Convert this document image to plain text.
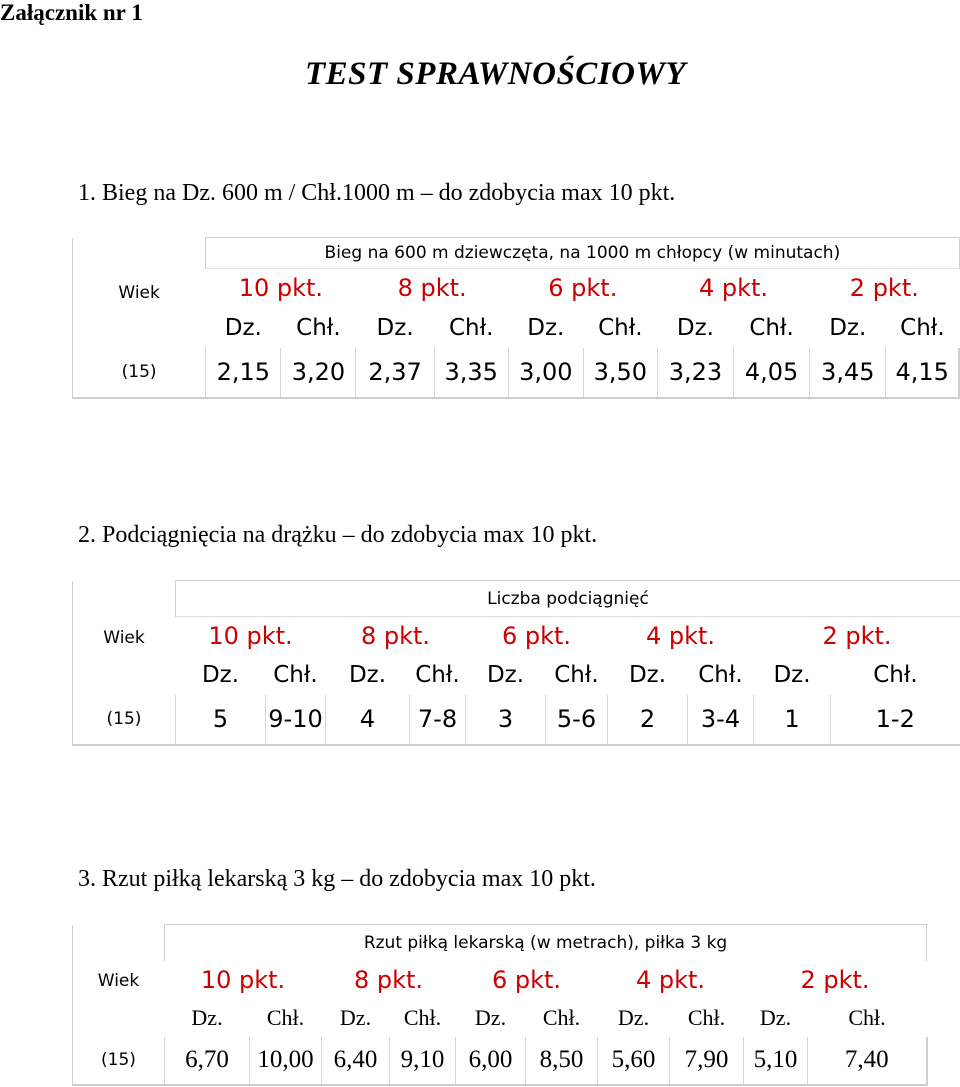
Załącznik nr 1
TEST SPRAWNOŚCIOWY
1. Bieg na Dz. 600 m / Chł.1000 m – do zdobycia max 10 pkt.
Wiek	Bieg na 600 m dziewczęta, na 1000 m chłopcy (w minutach)									
	10 pkt.		8 pkt.		6 pkt.		4 pkt.		2 pkt.	
	Dz.	Chł.	Dz.	Chł.	Dz.	Chł.	Dz.	Chł.	Dz.	Chł.
(15)	2,15	3,20	2,37	3,35	3,00	3,50	3,23	4,05	3,45	4,15
2. Podciągnięcia na drążku – do zdobycia max 10 pkt.
Wiek	Liczba podciągnięć									
	10 pkt.		8 pkt.		6 pkt.		4 pkt.		2 pkt.	
	Dz.	Chł.	Dz.	Chł.	Dz.	Chł.	Dz.	Chł.	Dz.	Chł.
(15)	5	9-10	4	7-8	3	5-6	2	3-4	1	1-2
3. Rzut piłką lekarską 3 kg – do zdobycia max 10 pkt.
Wiek	Rzut piłką lekarską (w metrach), piłka 3 kg									
	10 pkt.		8 pkt.		6 pkt.		4 pkt.		2 pkt.	
	Dz.	Chł.	Dz.	Chł.	Dz.	Chł.	Dz.	Chł.	Dz.	Chł.
(15)	6,70	10,00	6,40	9,10	6,00	8,50	5,60	7,90	5,10	7,40
